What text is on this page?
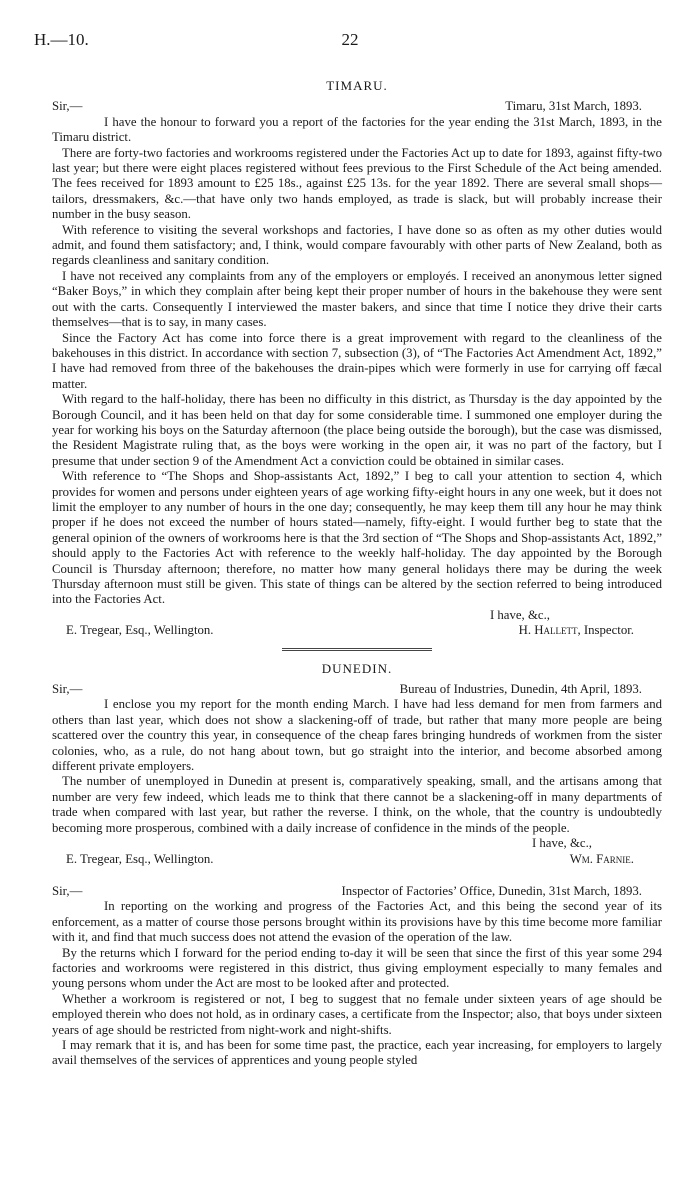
H.—10.	22
TIMARU.
Sir,—	Timaru, 31st March, 1893.

I have the honour to forward you a report of the factories for the year ending the 31st March, 1893, in the Timaru district.

There are forty-two factories and workrooms registered under the Factories Act up to date for 1893, against fifty-two last year; but there were eight places registered without fees previous to the First Schedule of the Act being amended. The fees received for 1893 amount to £25 18s., against £25 13s. for the year 1892. There are several small shops—tailors, dressmakers, &c.—that have only two hands employed, as trade is slack, but will probably increase their number in the busy season.

With reference to visiting the several workshops and factories, I have done so as often as my other duties would admit, and found them satisfactory; and, I think, would compare favourably with other parts of New Zealand, both as regards cleanliness and sanitary condition.

I have not received any complaints from any of the employers or employés. I received an anonymous letter signed “Baker Boys,” in which they complain after being kept their proper number of hours in the bakehouse they were sent out with the carts. Consequently I interviewed the master bakers, and since that time I notice they drive their carts themselves—that is to say, in many cases.

Since the Factory Act has come into force there is a great improvement with regard to the cleanliness of the bakehouses in this district. In accordance with section 7, subsection (3), of “The Factories Act Amendment Act, 1892,” I have had removed from three of the bakehouses the drain-pipes which were formerly in use for carrying off fæcal matter.

With regard to the half-holiday, there has been no difficulty in this district, as Thursday is the day appointed by the Borough Council, and it has been held on that day for some considerable time. I summoned one employer during the year for working his boys on the Saturday afternoon (the place being outside the borough), but the case was dismissed, the Resident Magistrate ruling that, as the boys were working in the open air, it was no part of the factory, but I presume that under section 9 of the Amendment Act a conviction could be obtained in similar cases.

With reference to “The Shops and Shop-assistants Act, 1892,” I beg to call your attention to section 4, which provides for women and persons under eighteen years of age working fifty-eight hours in any one week, but it does not limit the employer to any number of hours in the one day; consequently, he may keep them till any hour he may think proper if he does not exceed the number of hours stated—namely, fifty-eight. I would further beg to state that the general opinion of the owners of workrooms here is that the 3rd section of “The Shops and Shop-assistants Act, 1892,” should apply to the Factories Act with reference to the weekly half-holiday. The day appointed by the Borough Council is Thursday afternoon; therefore, no matter how many general holidays there may be during the week Thursday afternoon must still be given. This state of things can be altered by the section referred to being introduced into the Factories Act.

I have, &c.,
E. Tregear, Esq., Wellington.	H. Hallett, Inspector.
DUNEDIN.
Sir,—	Bureau of Industries, Dunedin, 4th April, 1893.

I enclose you my report for the month ending March. I have had less demand for men from farmers and others than last year, which does not show a slackening-off of trade, but rather that many more people are being scattered over the country this year, in consequence of the cheap fares bringing hundreds of workmen from the sister colonies, who, as a rule, do not hang about town, but go straight into the interior, and become absorbed among different private employers.

The number of unemployed in Dunedin at present is, comparatively speaking, small, and the artisans among that number are very few indeed, which leads me to think that there cannot be a slackening-off in many departments of trade when compared with last year, but rather the reverse. I think, on the whole, that the country is undoubtedly becoming more prosperous, combined with a daily increase of confidence in the minds of the people.

I have, &c.,
E. Tregear, Esq., Wellington.	Wm. Farnie.
Sir,—	Inspector of Factories’ Office, Dunedin, 31st March, 1893.

In reporting on the working and progress of the Factories Act, and this being the second year of its enforcement, as a matter of course those persons brought within its provisions have by this time become more familiar with it, and find that much success does not attend the evasion of the operation of the law.

By the returns which I forward for the period ending to-day it will be seen that since the first of this year some 294 factories and workrooms were registered in this district, thus giving employment especially to many females and young persons whom under the Act are most to be looked after and protected.

Whether a workroom is registered or not, I beg to suggest that no female under sixteen years of age should be employed therein who does not hold, as in ordinary cases, a certificate from the Inspector; also, that boys under sixteen years of age should be restricted from night-work and night-shifts.

I may remark that it is, and has been for some time past, the practice, each year increasing, for employers to largely avail themselves of the services of apprentices and young people styled
